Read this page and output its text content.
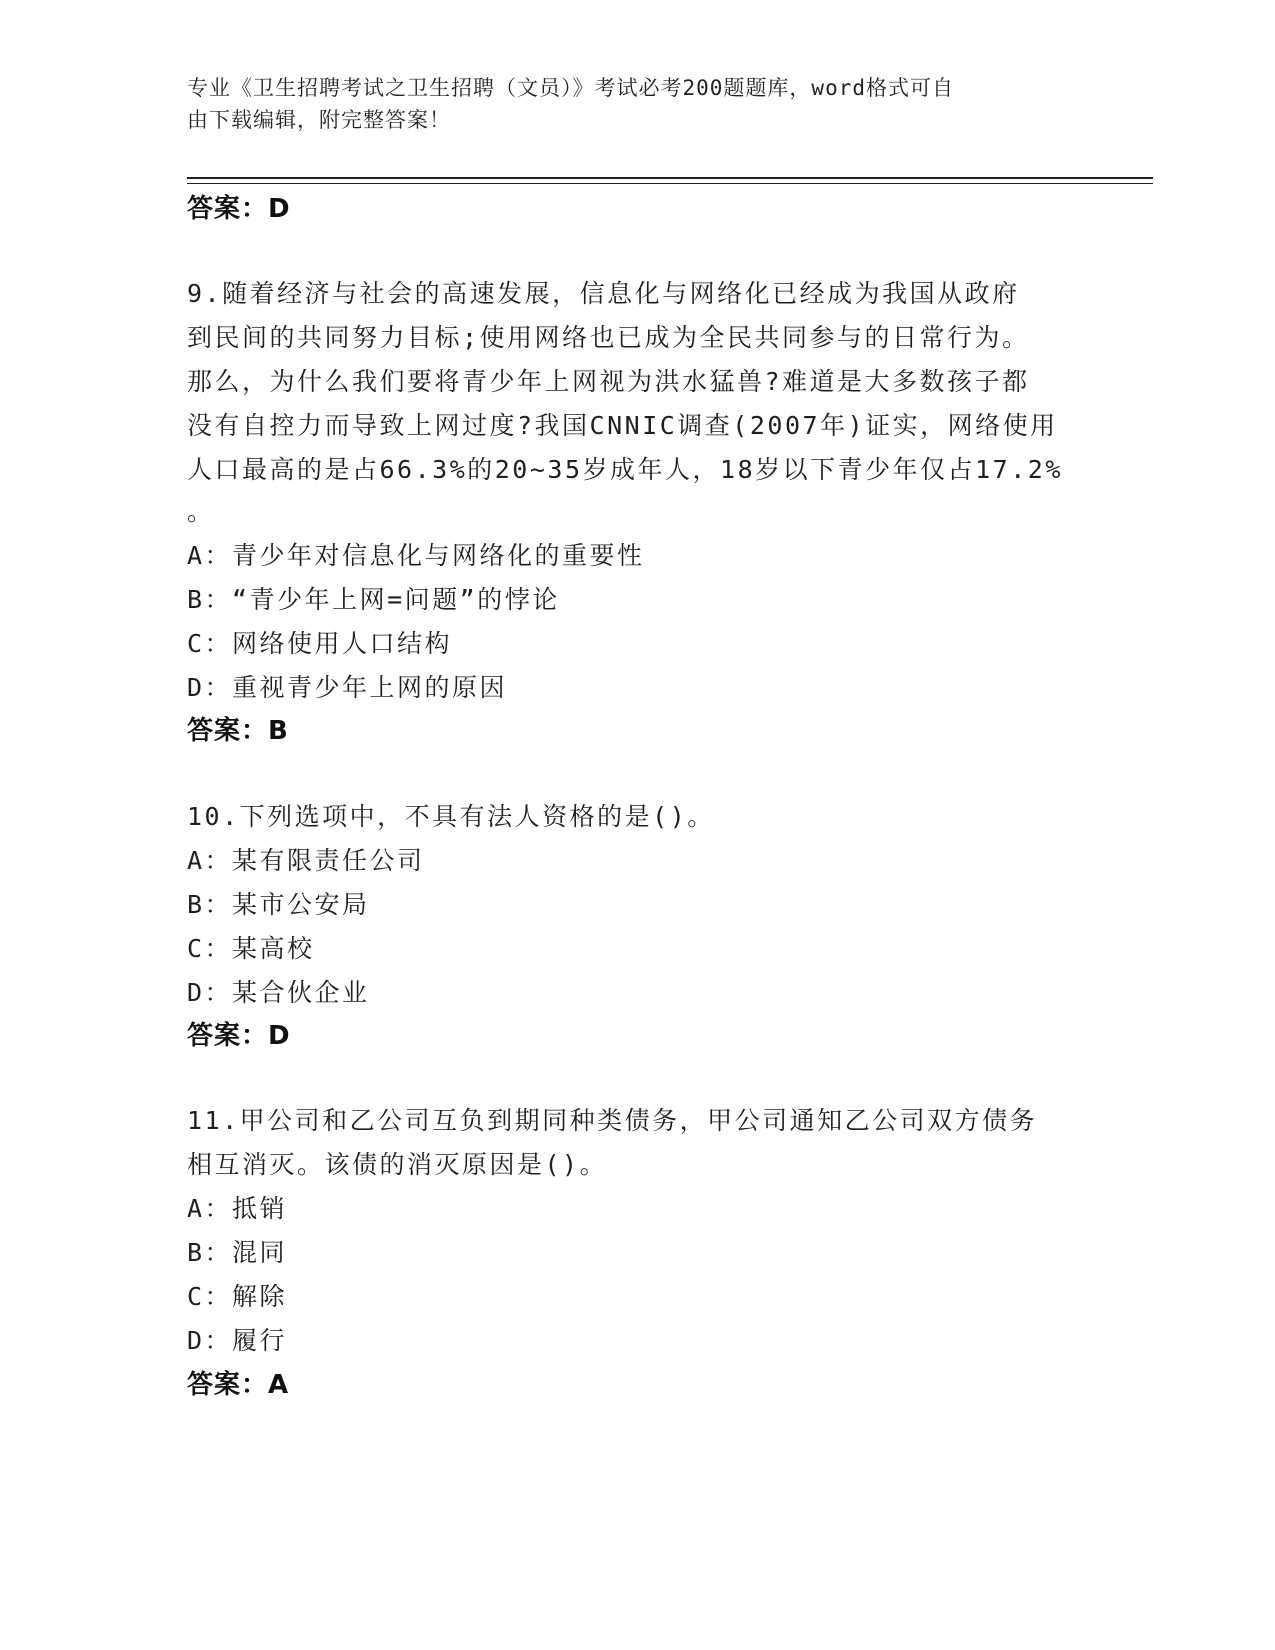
专业《卫生招聘考试之卫生招聘（文员）》考试必考200题题库，word格式可自
由下载编辑，附完整答案！
答案：D
9.随着经济与社会的高速发展，信息化与网络化已经成为我国从政府
到民间的共同努力目标;使用网络也已成为全民共同参与的日常行为。
那么，为什么我们要将青少年上网视为洪水猛兽?难道是大多数孩子都
没有自控力而导致上网过度?我国CNNIC调查(2007年)证实，网络使用
人口最高的是占66.3%的20~35岁成年人，18岁以下青少年仅占17.2%
。
A：青少年对信息化与网络化的重要性
B：“青少年上网=问题”的悖论
C：网络使用人口结构
D：重视青少年上网的原因
答案：B
10.下列选项中，不具有法人资格的是()。
A：某有限责任公司
B：某市公安局
C：某高校
D：某合伙企业
答案：D
11.甲公司和乙公司互负到期同种类债务，甲公司通知乙公司双方债务
相互消灭。该债的消灭原因是()。
A：抵销
B：混同
C：解除
D：履行
答案：A
